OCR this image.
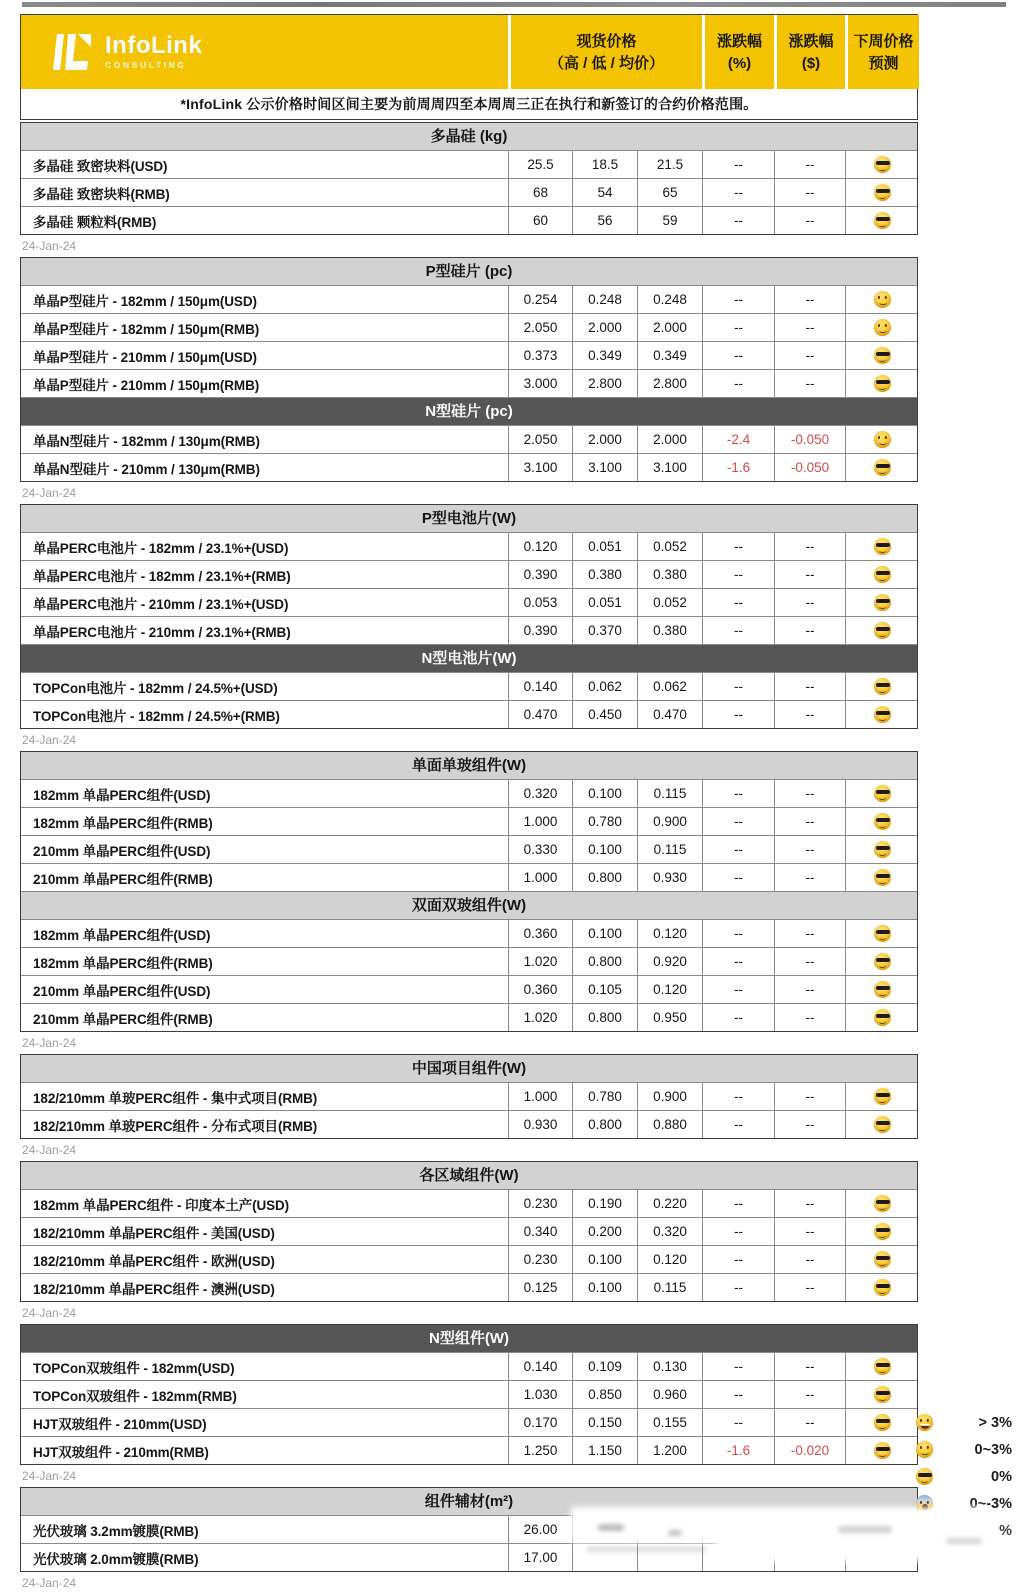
InfoLink
CONSULTING
现货价格
（高 / 低 / 均价）
涨跌幅
(%)
涨跌幅
($)
下周价格
预测
*InfoLink 公示价格时间区间主要为前周周四至本周周三正在执行和新签订的合约价格范围。
多晶硅 (kg)
多晶硅 致密块料(USD)	25.5	18.5	21.5	--	--
多晶硅 致密块料(RMB)	68	54	65	--	--
多晶硅 颗粒料(RMB)	60	56	59	--	--
24-Jan-24
P型硅片 (pc)
单晶P型硅片 - 182mm / 150μm(USD)	0.254	0.248	0.248	--	--
单晶P型硅片 - 182mm / 150μm(RMB)	2.050	2.000	2.000	--	--
单晶P型硅片 - 210mm / 150μm(USD)	0.373	0.349	0.349	--	--
单晶P型硅片 - 210mm / 150μm(RMB)	3.000	2.800	2.800	--	--
N型硅片 (pc)
单晶N型硅片 - 182mm / 130μm(RMB)	2.050	2.000	2.000	-2.4	-0.050
单晶N型硅片 - 210mm / 130μm(RMB)	3.100	3.100	3.100	-1.6	-0.050
24-Jan-24
P型电池片(W)
单晶PERC电池片 - 182mm / 23.1%+(USD)	0.120	0.051	0.052	--	--
单晶PERC电池片 - 182mm / 23.1%+(RMB)	0.390	0.380	0.380	--	--
单晶PERC电池片 - 210mm / 23.1%+(USD)	0.053	0.051	0.052	--	--
单晶PERC电池片 - 210mm / 23.1%+(RMB)	0.390	0.370	0.380	--	--
N型电池片(W)
TOPCon电池片 - 182mm / 24.5%+(USD)	0.140	0.062	0.062	--	--
TOPCon电池片 - 182mm / 24.5%+(RMB)	0.470	0.450	0.470	--	--
24-Jan-24
单面单玻组件(W)
182mm 单晶PERC组件(USD)	0.320	0.100	0.115	--	--
182mm 单晶PERC组件(RMB)	1.000	0.780	0.900	--	--
210mm 单晶PERC组件(USD)	0.330	0.100	0.115	--	--
210mm 单晶PERC组件(RMB)	1.000	0.800	0.930	--	--
双面双玻组件(W)
182mm 单晶PERC组件(USD)	0.360	0.100	0.120	--	--
182mm 单晶PERC组件(RMB)	1.020	0.800	0.920	--	--
210mm 单晶PERC组件(USD)	0.360	0.105	0.120	--	--
210mm 单晶PERC组件(RMB)	1.020	0.800	0.950	--	--
24-Jan-24
中国项目组件(W)
182/210mm 单玻PERC组件 - 集中式项目(RMB)	1.000	0.780	0.900	--	--
182/210mm 单玻PERC组件 - 分布式项目(RMB)	0.930	0.800	0.880	--	--
24-Jan-24
各区域组件(W)
182mm 单晶PERC组件 - 印度本土产(USD)	0.230	0.190	0.220	--	--
182/210mm 单晶PERC组件 - 美国(USD)	0.340	0.200	0.320	--	--
182/210mm 单晶PERC组件 - 欧洲(USD)	0.230	0.100	0.120	--	--
182/210mm 单晶PERC组件 - 澳洲(USD)	0.125	0.100	0.115	--	--
24-Jan-24
N型组件(W)
TOPCon双玻组件 - 182mm(USD)	0.140	0.109	0.130	--	--
TOPCon双玻组件 - 182mm(RMB)	1.030	0.850	0.960	--	--
HJT双玻组件 - 210mm(USD)	0.170	0.150	0.155	--	--
HJT双玻组件 - 210mm(RMB)	1.250	1.150	1.200	-1.6	-0.020
24-Jan-24
组件辅材(m²)
光伏玻璃 3.2mm镀膜(RMB)	26.00
光伏玻璃 2.0mm镀膜(RMB)	17.00
24-Jan-24
> 3%
0~3%
0%
0~-3%
%
